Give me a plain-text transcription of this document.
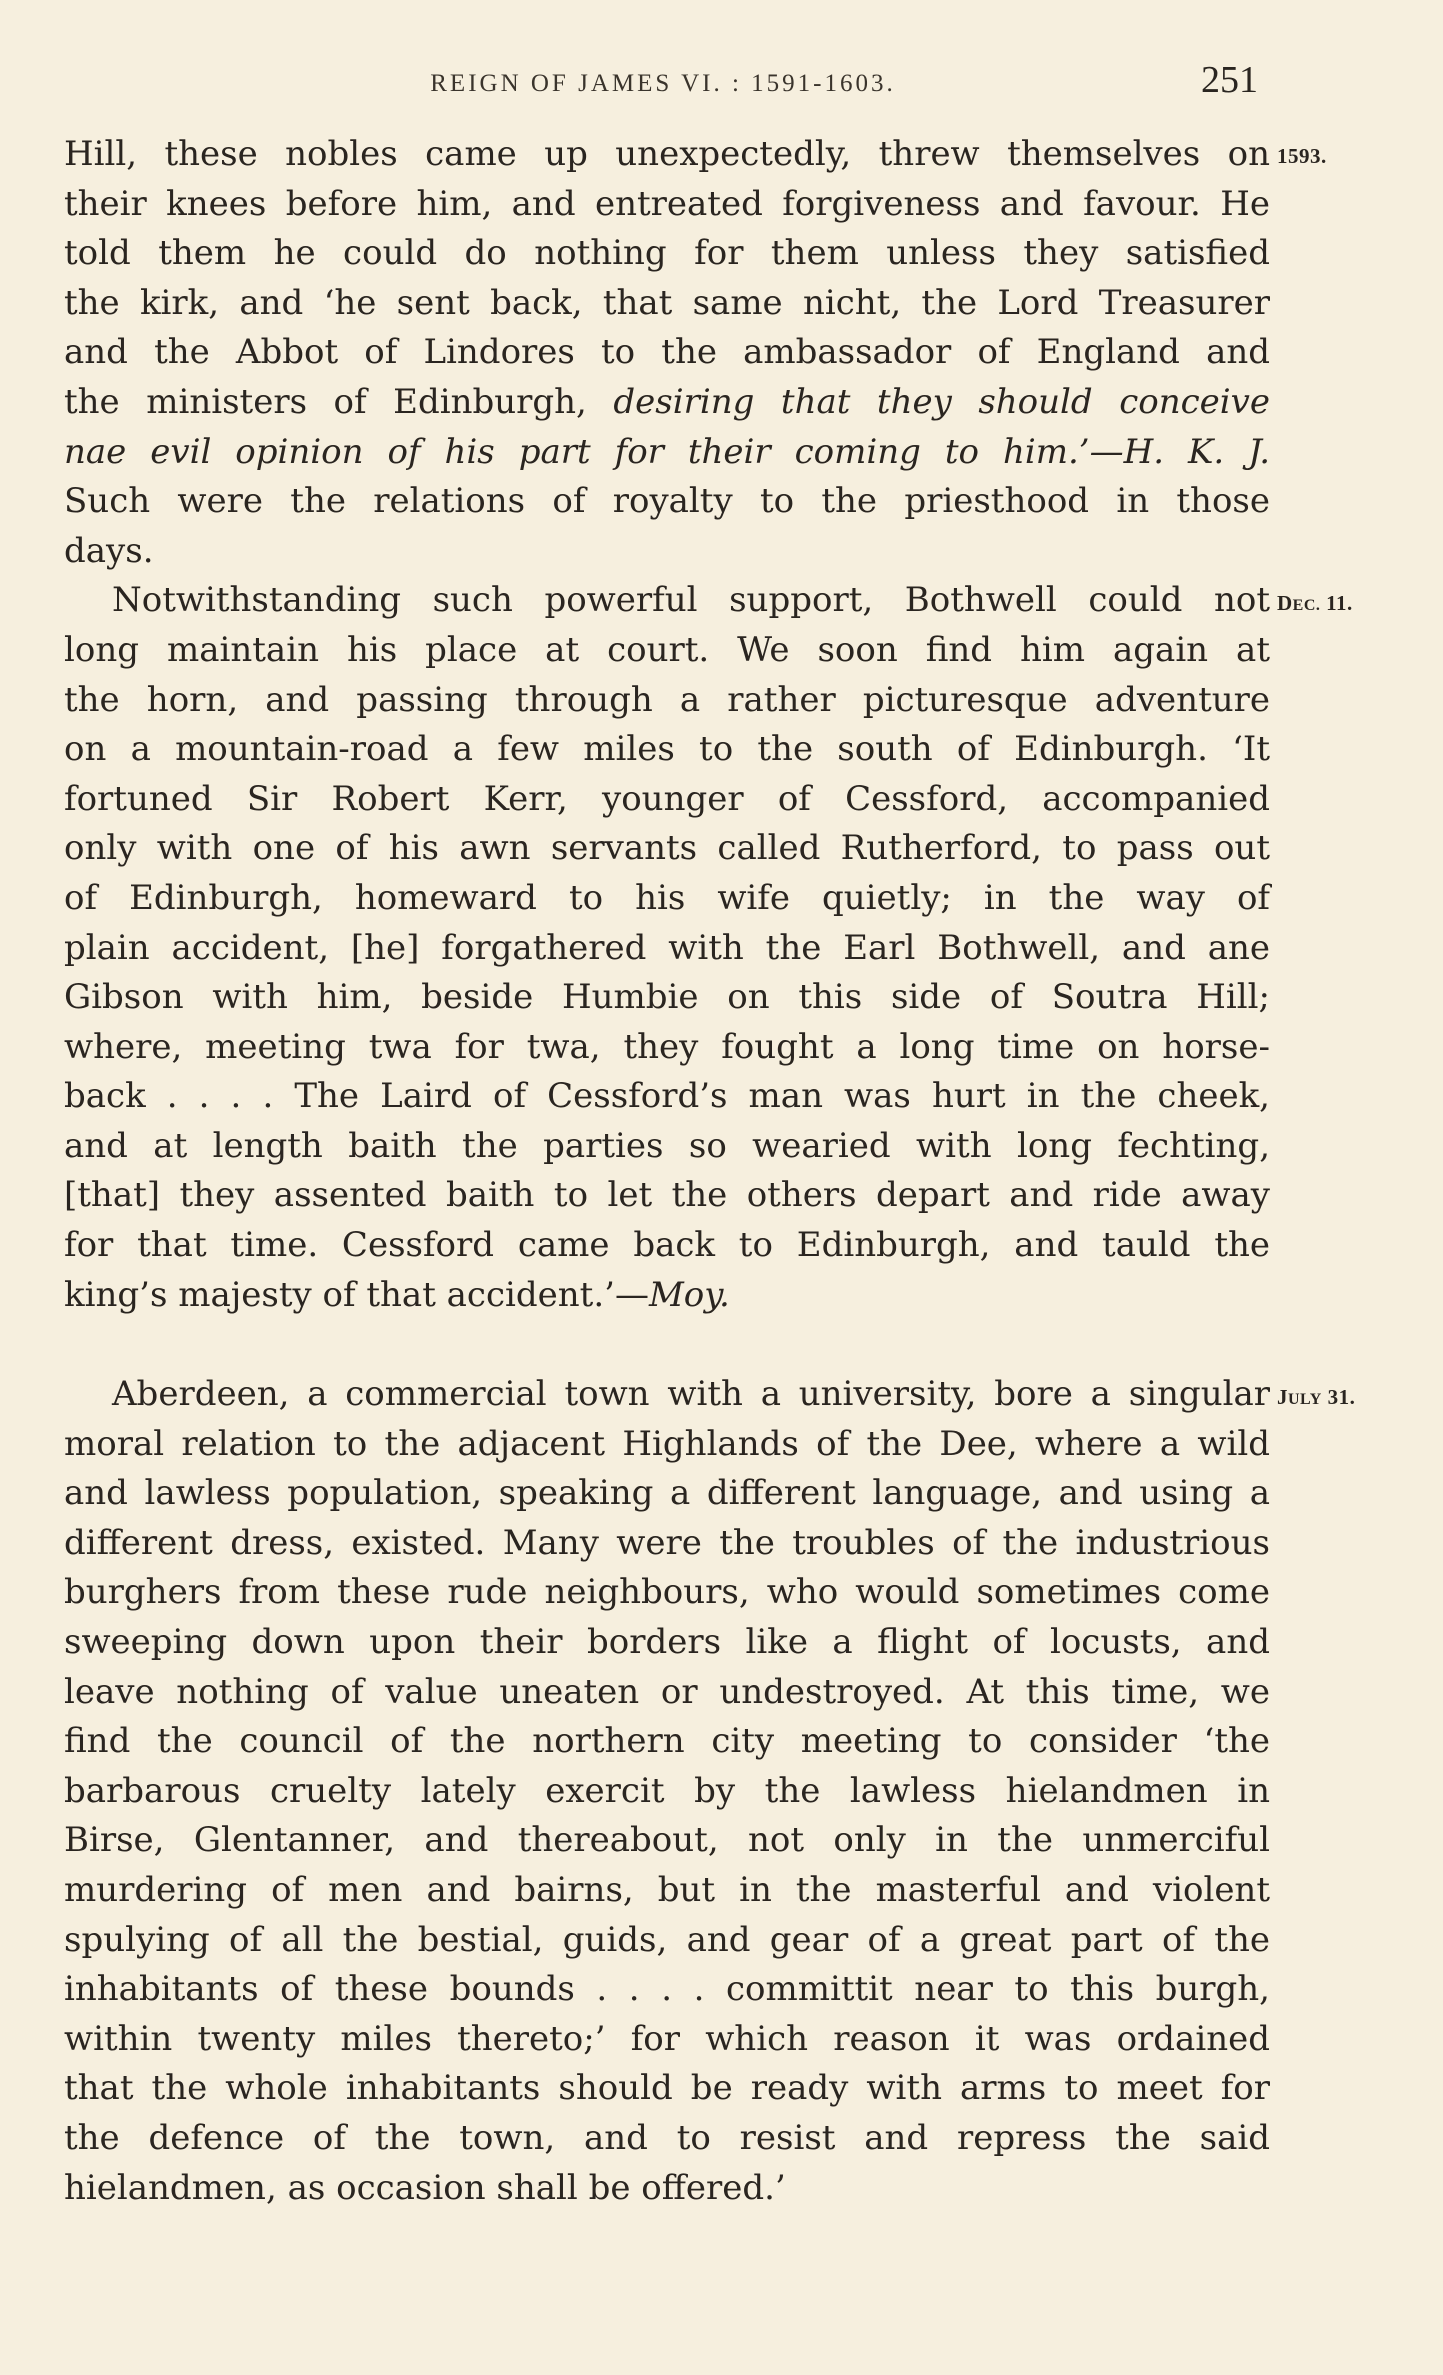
REIGN OF JAMES VI. : 1591-1603.	251
1593.
DEC. 11.
JULY 31.
Hill, these nobles came up unexpectedly, threw themselves on
their knees before him, and entreated forgiveness and favour. He
told them he could do nothing for them unless they satisfied
the kirk, and ‘he sent back, that same nicht, the Lord Treasurer
and the Abbot of Lindores to the ambassador of England and
the ministers of Edinburgh, desiring that they should conceive
nae evil opinion of his part for their coming to him.’—H. K. J.
Such were the relations of royalty to the priesthood in those
days.
Notwithstanding such powerful support, Bothwell could not
long maintain his place at court. We soon find him again at
the horn, and passing through a rather picturesque adventure
on a mountain-road a few miles to the south of Edinburgh. ‘It
fortuned Sir Robert Kerr, younger of Cessford, accompanied
only with one of his awn servants called Rutherford, to pass out
of Edinburgh, homeward to his wife quietly; in the way of
plain accident, [he] forgathered with the Earl Bothwell, and ane
Gibson with him, beside Humbie on this side of Soutra Hill;
where, meeting twa for twa, they fought a long time on horse-
back . . . . The Laird of Cessford’s man was hurt in the cheek,
and at length baith the parties so wearied with long fechting,
[that] they assented baith to let the others depart and ride away
for that time. Cessford came back to Edinburgh, and tauld the
king’s majesty of that accident.’—Moy.
Aberdeen, a commercial town with a university, bore a singular
moral relation to the adjacent Highlands of the Dee, where a wild
and lawless population, speaking a different language, and using a
different dress, existed. Many were the troubles of the industrious
burghers from these rude neighbours, who would sometimes come
sweeping down upon their borders like a flight of locusts, and
leave nothing of value uneaten or undestroyed. At this time, we
find the council of the northern city meeting to consider ‘the
barbarous cruelty lately exercit by the lawless hielandmen in
Birse, Glentanner, and thereabout, not only in the unmerciful
murdering of men and bairns, but in the masterful and violent
spulying of all the bestial, guids, and gear of a great part of the
inhabitants of these bounds . . . . committit near to this burgh,
within twenty miles thereto;’ for which reason it was ordained
that the whole inhabitants should be ready with arms to meet for
the defence of the town, and to resist and repress the said
hielandmen, as occasion shall be offered.’
